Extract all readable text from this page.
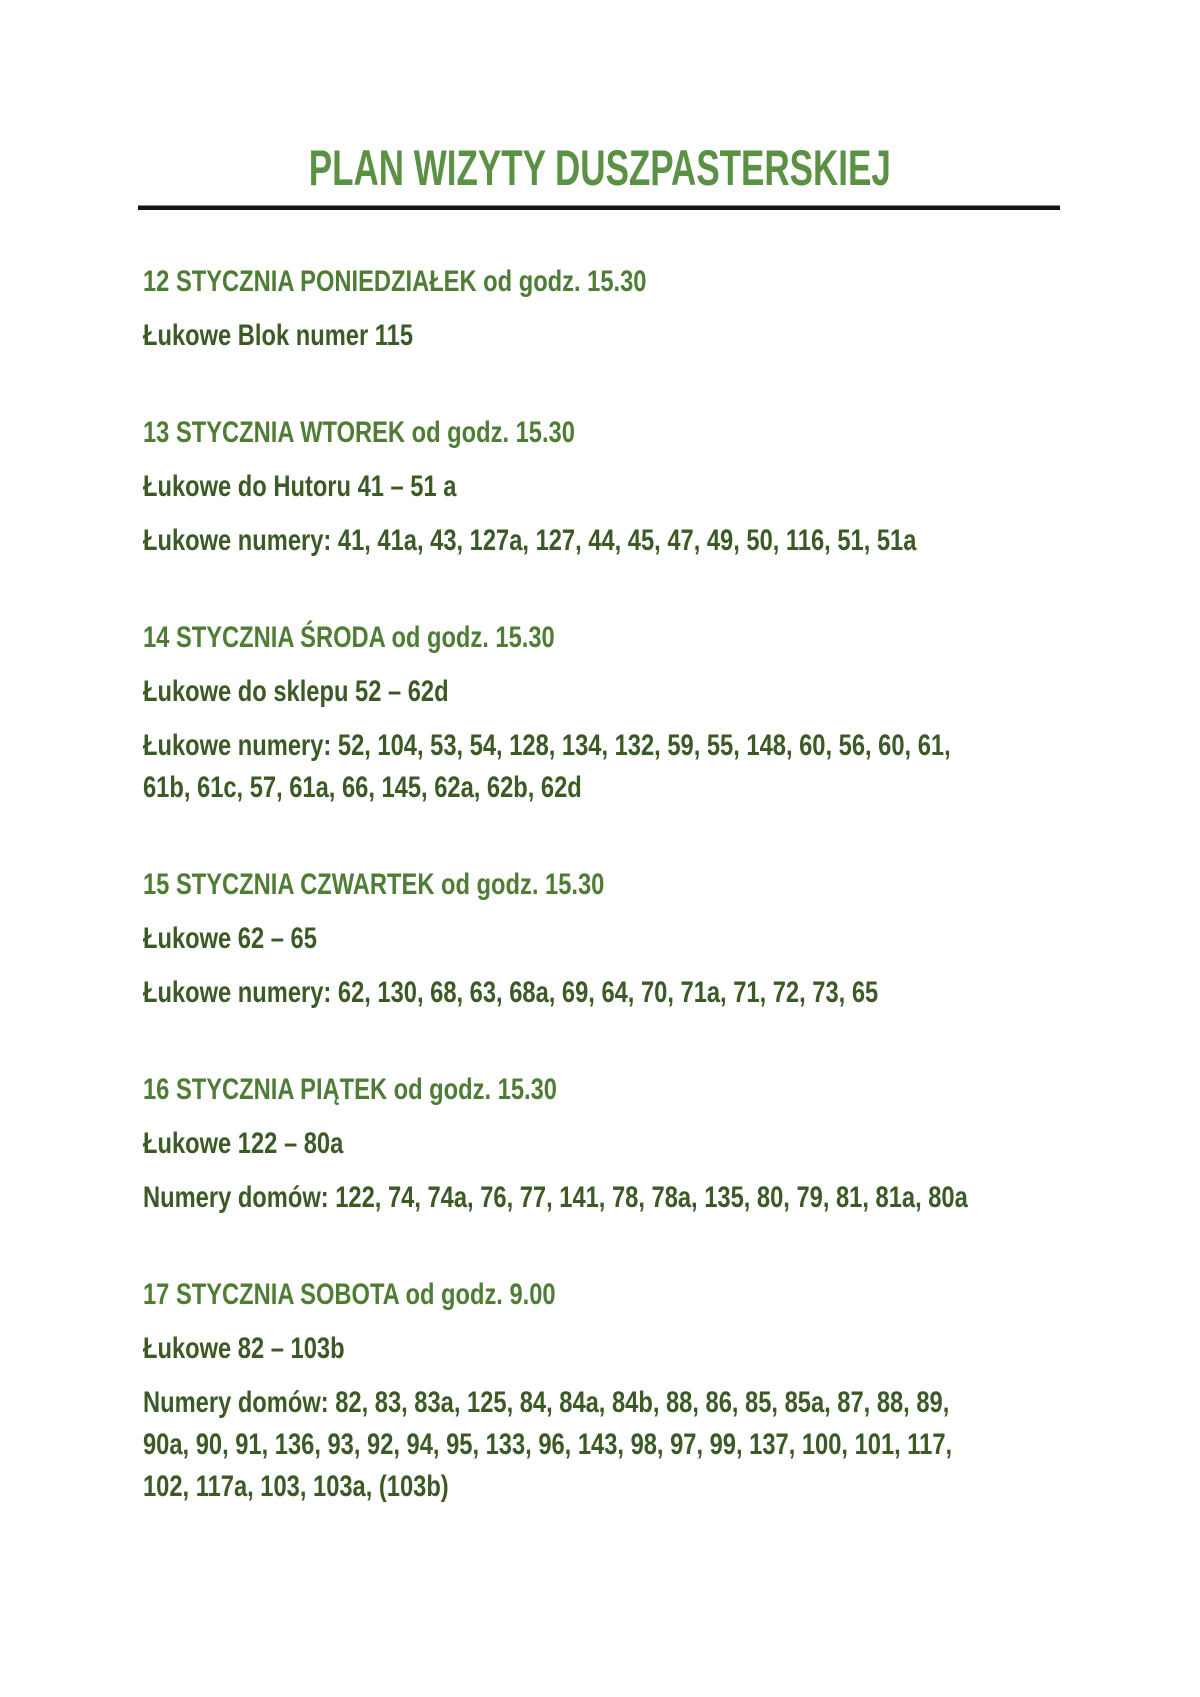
PLAN WIZYTY DUSZPASTERSKIEJ
12 STYCZNIA PONIEDZIAŁEK od godz. 15.30
Łukowe Blok numer 115
13 STYCZNIA WTOREK od godz. 15.30
Łukowe do Hutoru 41 – 51 a
Łukowe numery: 41, 41a, 43, 127a, 127, 44, 45, 47, 49, 50, 116, 51, 51a
14 STYCZNIA ŚRODA od godz. 15.30
Łukowe do sklepu 52 – 62d
Łukowe numery: 52, 104, 53, 54, 128, 134, 132, 59, 55, 148, 60, 56, 60, 61,
61b, 61c, 57, 61a, 66, 145, 62a, 62b, 62d
15 STYCZNIA CZWARTEK od godz. 15.30
Łukowe 62 – 65
Łukowe numery: 62, 130, 68, 63, 68a, 69, 64, 70, 71a, 71, 72, 73, 65
16 STYCZNIA PIĄTEK od godz. 15.30
Łukowe 122 – 80a
Numery domów: 122, 74, 74a, 76, 77, 141, 78, 78a, 135, 80, 79, 81, 81a, 80a
17 STYCZNIA SOBOTA od godz. 9.00
Łukowe 82 – 103b
Numery domów: 82, 83, 83a, 125, 84, 84a, 84b, 88, 86, 85, 85a, 87, 88, 89,
90a, 90, 91, 136, 93, 92, 94, 95, 133, 96, 143, 98, 97, 99, 137, 100, 101, 117,
102, 117a, 103, 103a, (103b)
